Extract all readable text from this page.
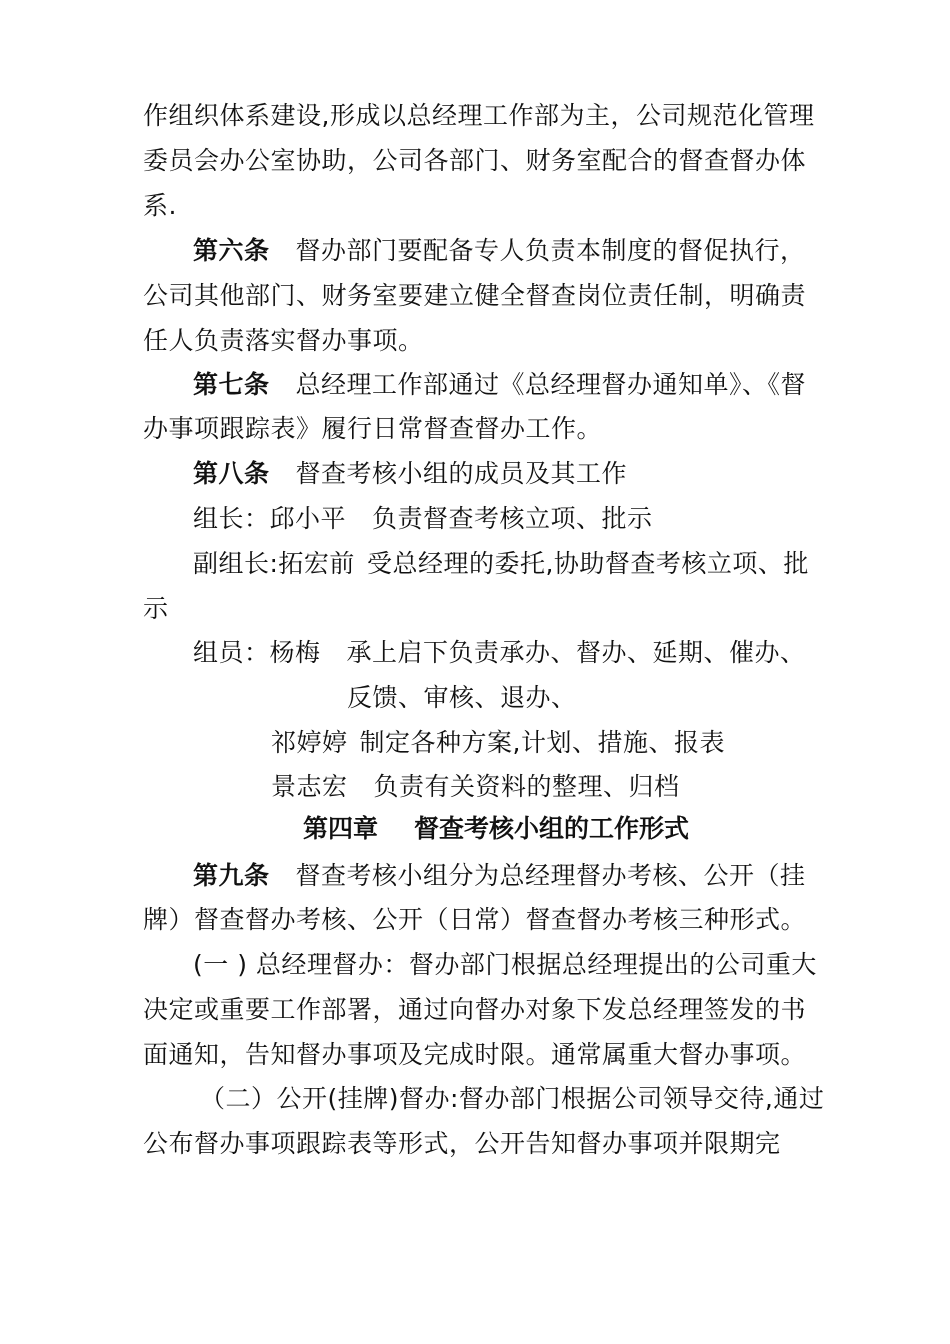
作组织体系建设,形成以总经理工作部为主，公司规范化管理
委员会办公室协助，公司各部门、财务室配合的督查督办体
系.
第六条 督办部门要配备专人负责本制度的督促执行，
公司其他部门、财务室要建立健全督查岗位责任制，明确责
任人负责落实督办事项。
第七条 总经理工作部通过《总经理督办通知单》、《督
办事项跟踪表》履行日常督查督办工作。
第八条 督查考核小组的成员及其工作
组长：邱小平 负责督查考核立项、批示
副组长:拓宏前 受总经理的委托,协助督查考核立项、批
示
组员：杨梅 承上启下负责承办、督办、延期、催办、
反馈、审核、退办、
祁婷婷 制定各种方案,计划、措施、报表
景志宏 负责有关资料的整理、归档
第四章 督查考核小组的工作形式
第九条 督查考核小组分为总经理督办考核、公开（挂
牌）督查督办考核、公开（日常）督查督办考核三种形式。
(一 ) 总经理督办：督办部门根据总经理提出的公司重大
决定或重要工作部署，通过向督办对象下发总经理签发的书
面通知，告知督办事项及完成时限。通常属重大督办事项。
（二）公开(挂牌)督办:督办部门根据公司领导交待,通过
公布督办事项跟踪表等形式，公开告知督办事项并限期完
